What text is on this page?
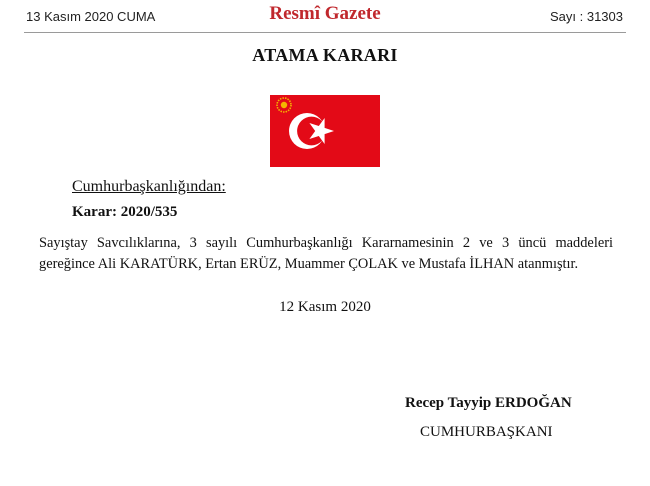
13 Kasım 2020 CUMA	Resmî Gazete	Sayı : 31303
ATAMA KARARI
Cumhurbaşkanlığından:
Karar: 2020/535
Sayıştay Savcılıklarına, 3 sayılı Cumhurbaşkanlığı Kararnamesinin 2 ve 3 üncü maddeleri gereğince Ali KARATÜRK, Ertan ERÜZ, Muammer ÇOLAK ve Mustafa İLHAN atanmıştır.
12 Kasım 2020
Recep Tayyip ERDOĞAN
CUMHURBAŞKANI
